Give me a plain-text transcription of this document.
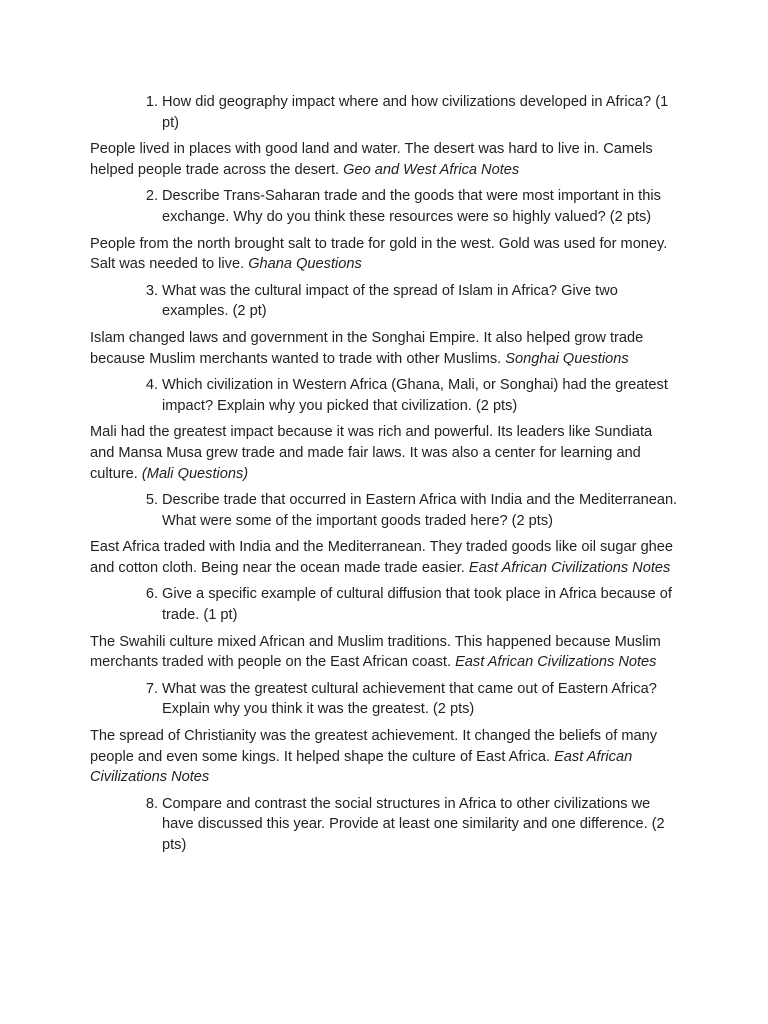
1. How did geography impact where and how civilizations developed in Africa? (1 pt)
People lived in places with good land and water. The desert was hard to live in. Camels helped people trade across the desert. Geo and West Africa Notes
2. Describe Trans-Saharan trade and the goods that were most important in this exchange. Why do you think these resources were so highly valued? (2 pts)
People from the north brought salt to trade for gold in the west. Gold was used for money. Salt was needed to live. Ghana Questions
3. What was the cultural impact of the spread of Islam in Africa? Give two examples. (2 pt)
Islam changed laws and government in the Songhai Empire. It also helped grow trade because Muslim merchants wanted to trade with other Muslims. Songhai Questions
4. Which civilization in Western Africa (Ghana, Mali, or Songhai) had the greatest impact? Explain why you picked that civilization. (2 pts)
Mali had the greatest impact because it was rich and powerful. Its leaders like Sundiata and Mansa Musa grew trade and made fair laws. It was also a center for learning and culture. (Mali Questions)
5. Describe trade that occurred in Eastern Africa with India and the Mediterranean. What were some of the important goods traded here? (2 pts)
East Africa traded with India and the Mediterranean. They traded goods like oil sugar ghee and cotton cloth. Being near the ocean made trade easier. East African Civilizations Notes
6. Give a specific example of cultural diffusion that took place in Africa because of trade. (1 pt)
The Swahili culture mixed African and Muslim traditions. This happened because Muslim merchants traded with people on the East African coast. East African Civilizations Notes
7. What was the greatest cultural achievement that came out of Eastern Africa? Explain why you think it was the greatest. (2 pts)
The spread of Christianity was the greatest achievement. It changed the beliefs of many people and even some kings. It helped shape the culture of East Africa. East African Civilizations Notes
8. Compare and contrast the social structures in Africa to other civilizations we have discussed this year. Provide at least one similarity and one difference. (2 pts)
